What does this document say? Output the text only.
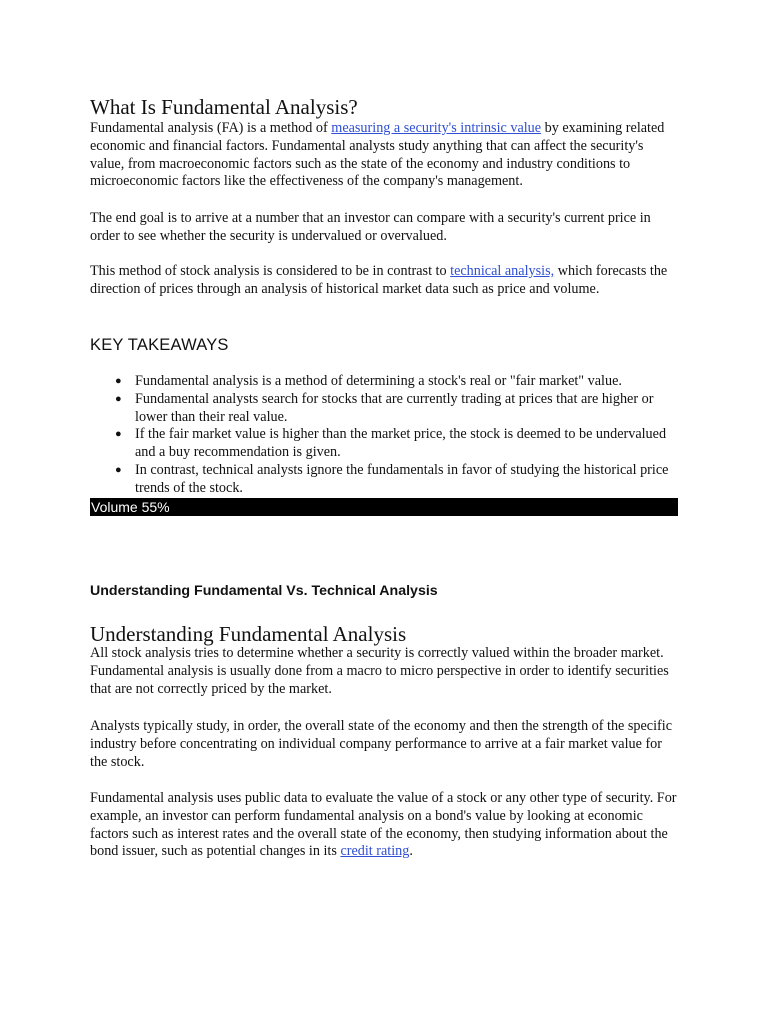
What Is Fundamental Analysis?

Fundamental analysis (FA) is a method of measuring a security's intrinsic value by examining related economic and financial factors. Fundamental analysts study anything that can affect the security's value, from macroeconomic factors such as the state of the economy and industry conditions to microeconomic factors like the effectiveness of the company's management.

The end goal is to arrive at a number that an investor can compare with a security's current price in order to see whether the security is undervalued or overvalued.

This method of stock analysis is considered to be in contrast to technical analysis, which forecasts the direction of prices through an analysis of historical market data such as price and volume.

KEY TAKEAWAYS
● Fundamental analysis is a method of determining a stock's real or "fair market" value.
● Fundamental analysts search for stocks that are currently trading at prices that are higher or lower than their real value.
● If the fair market value is higher than the market price, the stock is deemed to be undervalued and a buy recommendation is given.
● In contrast, technical analysts ignore the fundamentals in favor of studying the historical price trends of the stock.
Volume 55%
Understanding Fundamental Vs. Technical Analysis
Understanding Fundamental Analysis

All stock analysis tries to determine whether a security is correctly valued within the broader market. Fundamental analysis is usually done from a macro to micro perspective in order to identify securities that are not correctly priced by the market.

Analysts typically study, in order, the overall state of the economy and then the strength of the specific industry before concentrating on individual company performance to arrive at a fair market value for the stock.

Fundamental analysis uses public data to evaluate the value of a stock or any other type of security. For example, an investor can perform fundamental analysis on a bond's value by looking at economic factors such as interest rates and the overall state of the economy, then studying information about the bond issuer, such as potential changes in its credit rating.
